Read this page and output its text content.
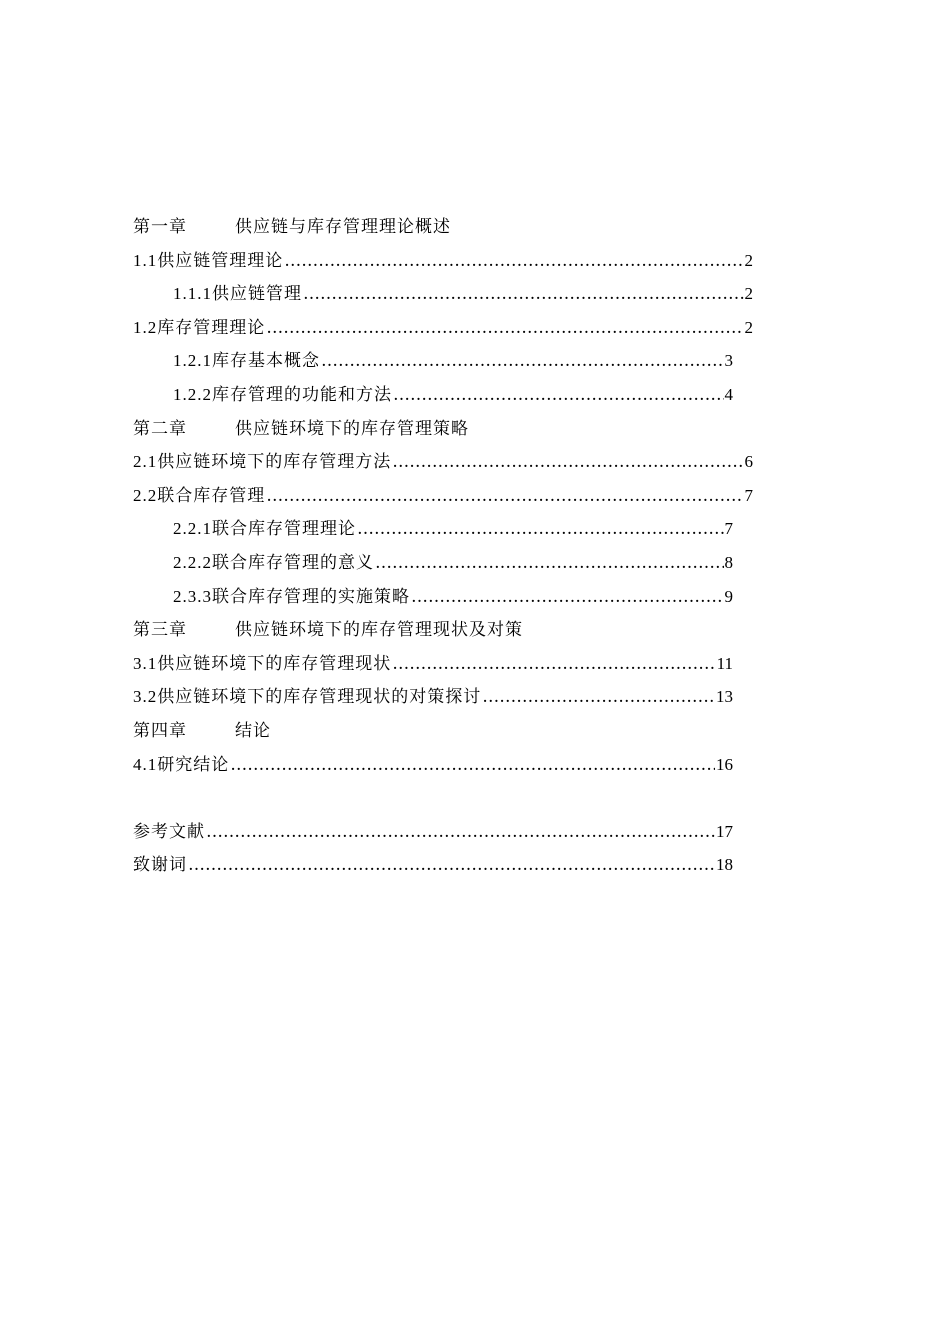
第一章	供应链与库存管理理论概述
1.1 供应链管理理论 …………………………………………………………………………………………………………………………………………………………………………………	2
1.1.1 供应链管理 …………………………………………………………………………………………………………………………………………………………………………………	2
1.2 库存管理理论 …………………………………………………………………………………………………………………………………………………………………………………	2
1.2.1 库存基本概念 …………………………………………………………………………………………………………………………………………………………………………………	3
1.2.2 库存管理的功能和方法 …………………………………………………………………………………………………………………………………………………………………………………	4
第二章	供应链环境下的库存管理策略
2.1 供应链环境下的库存管理方法 …………………………………………………………………………………………………………………………………………………………………………………	6
2.2 联合库存管理 …………………………………………………………………………………………………………………………………………………………………………………	7
2.2.1 联合库存管理理论 …………………………………………………………………………………………………………………………………………………………………………………	7
2.2.2 联合库存管理的意义 …………………………………………………………………………………………………………………………………………………………………………………	8
2.3.3 联合库存管理的实施策略 …………………………………………………………………………………………………………………………………………………………………………………	9
第三章	供应链环境下的库存管理现状及对策
3.1 供应链环境下的库存管理现状 …………………………………………………………………………………………………………………………………………………………………………………	11
3.2 供应链环境下的库存管理现状的对策探讨 …………………………………………………………………………………………………………………………………………………………………………………	13
第四章	结论
4.1 研究结论 …………………………………………………………………………………………………………………………………………………………………………………	16
参考文献 …………………………………………………………………………………………………………………………………………………………………………………	17
致谢词 …………………………………………………………………………………………………………………………………………………………………………………	18
